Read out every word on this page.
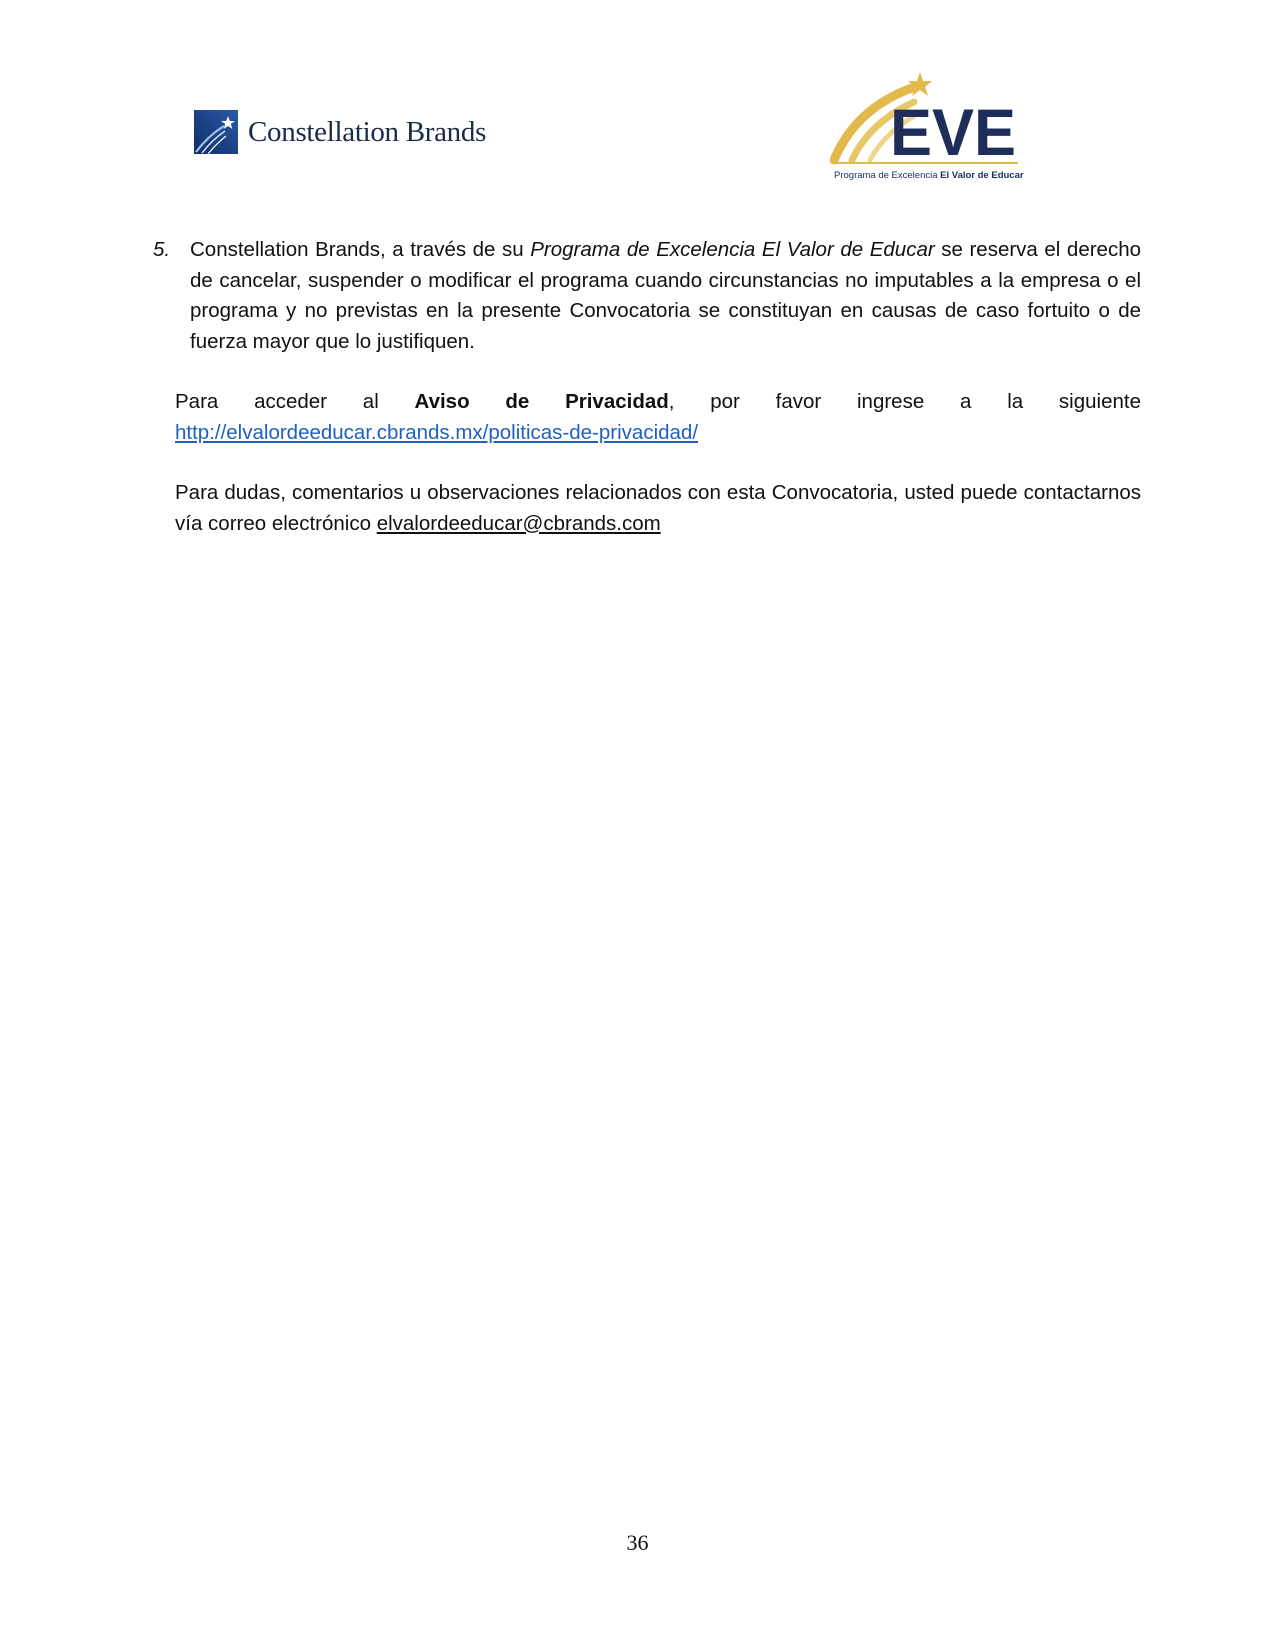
Constellation Brands	EVE
Programa de Excelencia El Valor de Educar
5. Constellation Brands, a través de su Programa de Excelencia El Valor de Educar se reserva el derecho de cancelar, suspender o modificar el programa cuando circunstancias no imputables a la empresa o el programa y no previstas en la presente Convocatoria se constituyan en causas de caso fortuito o de fuerza mayor que lo justifiquen.
Para acceder al Aviso de Privacidad, por favor ingrese a la siguiente
http://elvalordeeducar.cbrands.mx/politicas-de-privacidad/
Para dudas, comentarios u observaciones relacionados con esta Convocatoria, usted puede contactarnos vía correo electrónico elvalordeeducar@cbrands.com
36
